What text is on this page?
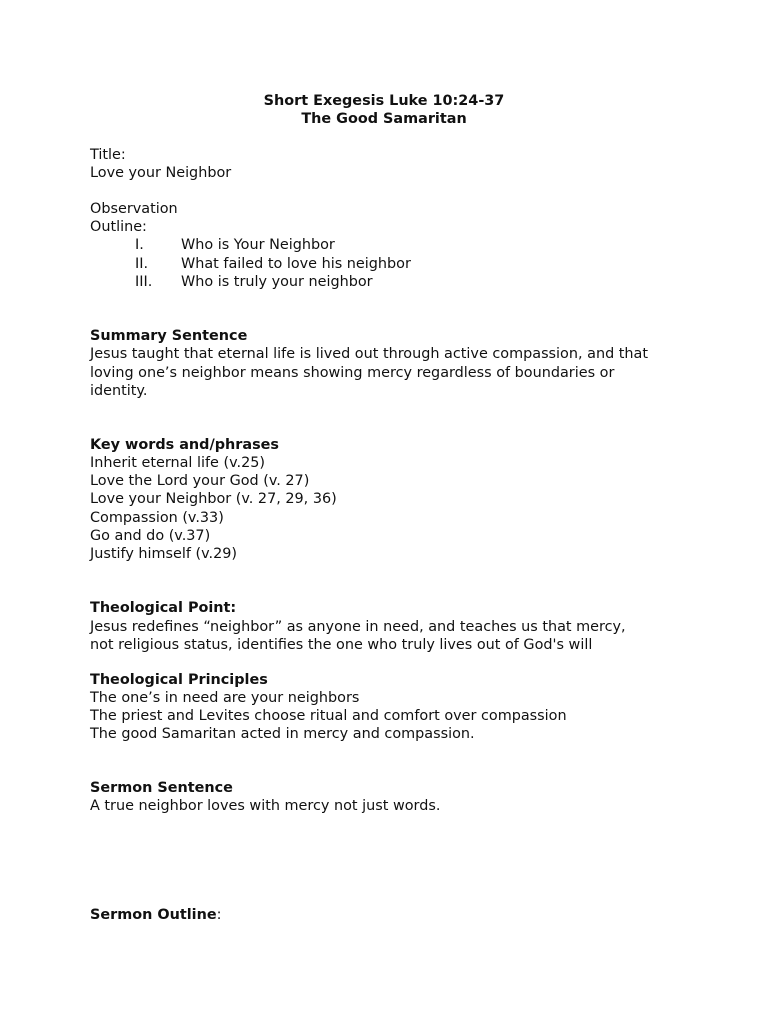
Short Exegesis Luke 10:24-37
The Good Samaritan
Title:
Love your Neighbor
Observation
Outline:
I.	Who is Your Neighbor
II. What failed to love his neighbor
III. Who is truly your neighbor
Summary Sentence
Jesus taught that eternal life is lived out through active compassion, and that
loving one’s neighbor means showing mercy regardless of boundaries or
identity.
Key words and/phrases
Inherit eternal life (v.25)
Love the Lord your God (v. 27)
Love your Neighbor (v. 27, 29, 36)
Compassion (v.33)
Go and do (v.37)
Justify himself (v.29)
Theological Point:
Jesus redefines “neighbor” as anyone in need, and teaches us that mercy,
not religious status, identifies the one who truly lives out of God's will
Theological Principles
The one’s in need are your neighbors
The priest and Levites choose ritual and comfort over compassion
The good Samaritan acted in mercy and compassion.
Sermon Sentence
A true neighbor loves with mercy not just words.
Sermon Outline:
